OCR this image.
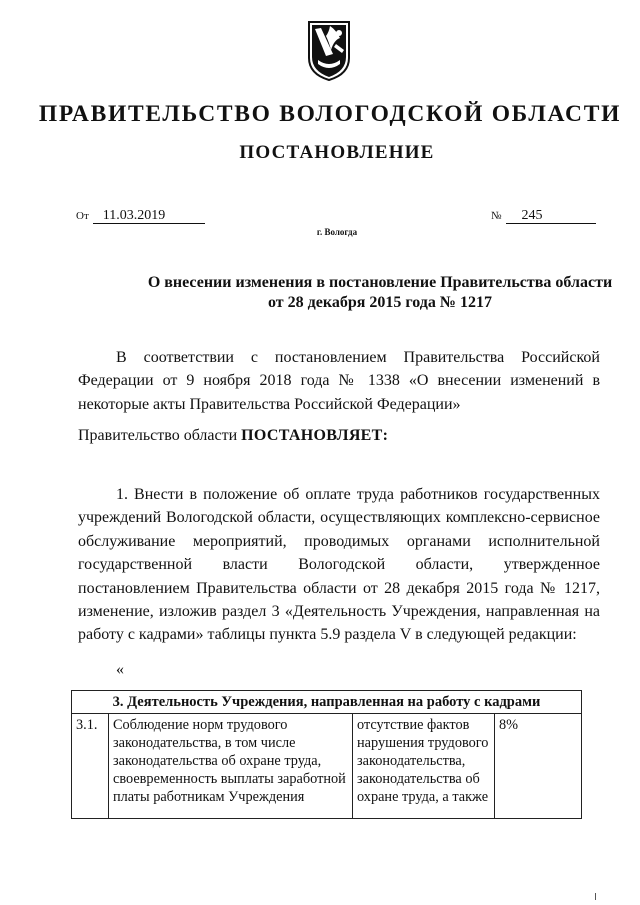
ПРАВИТЕЛЬСТВО ВОЛОГОДСКОЙ ОБЛАСТИ
ПОСТАНОВЛЕНИЕ
От 11.03.2019	№ 245
г. Вологда
О внесении изменения в постановление Правительства области
от 28 декабря 2015 года № 1217
В соответствии с постановлением Правительства Российской Федерации от 9 ноября 2018 года № 1338 «О внесении изменений в некоторые акты Правительства Российской Федерации»
Правительство области ПОСТАНОВЛЯЕТ:
1. Внести в положение об оплате труда работников государственных учреждений Вологодской области, осуществляющих комплексно-сервисное обслуживание мероприятий, проводимых органами исполнительной государственной власти Вологодской области, утвержденное постановлением Правительства области от 28 декабря 2015 года № 1217, изменение, изложив раздел 3 «Деятельность Учреждения, направленная на работу с кадрами» таблицы пункта 5.9 раздела V в следующей редакции:
«
3. Деятельность Учреждения, направленная на работу с кадрами
3.1.	Соблюдение норм трудового законодательства, в том числе законодательства об охране труда, своевременность выплаты заработной платы работникам Учреждения	отсутствие фактов нарушения трудового законодательства, законодательства об охране труда, а также	8%
